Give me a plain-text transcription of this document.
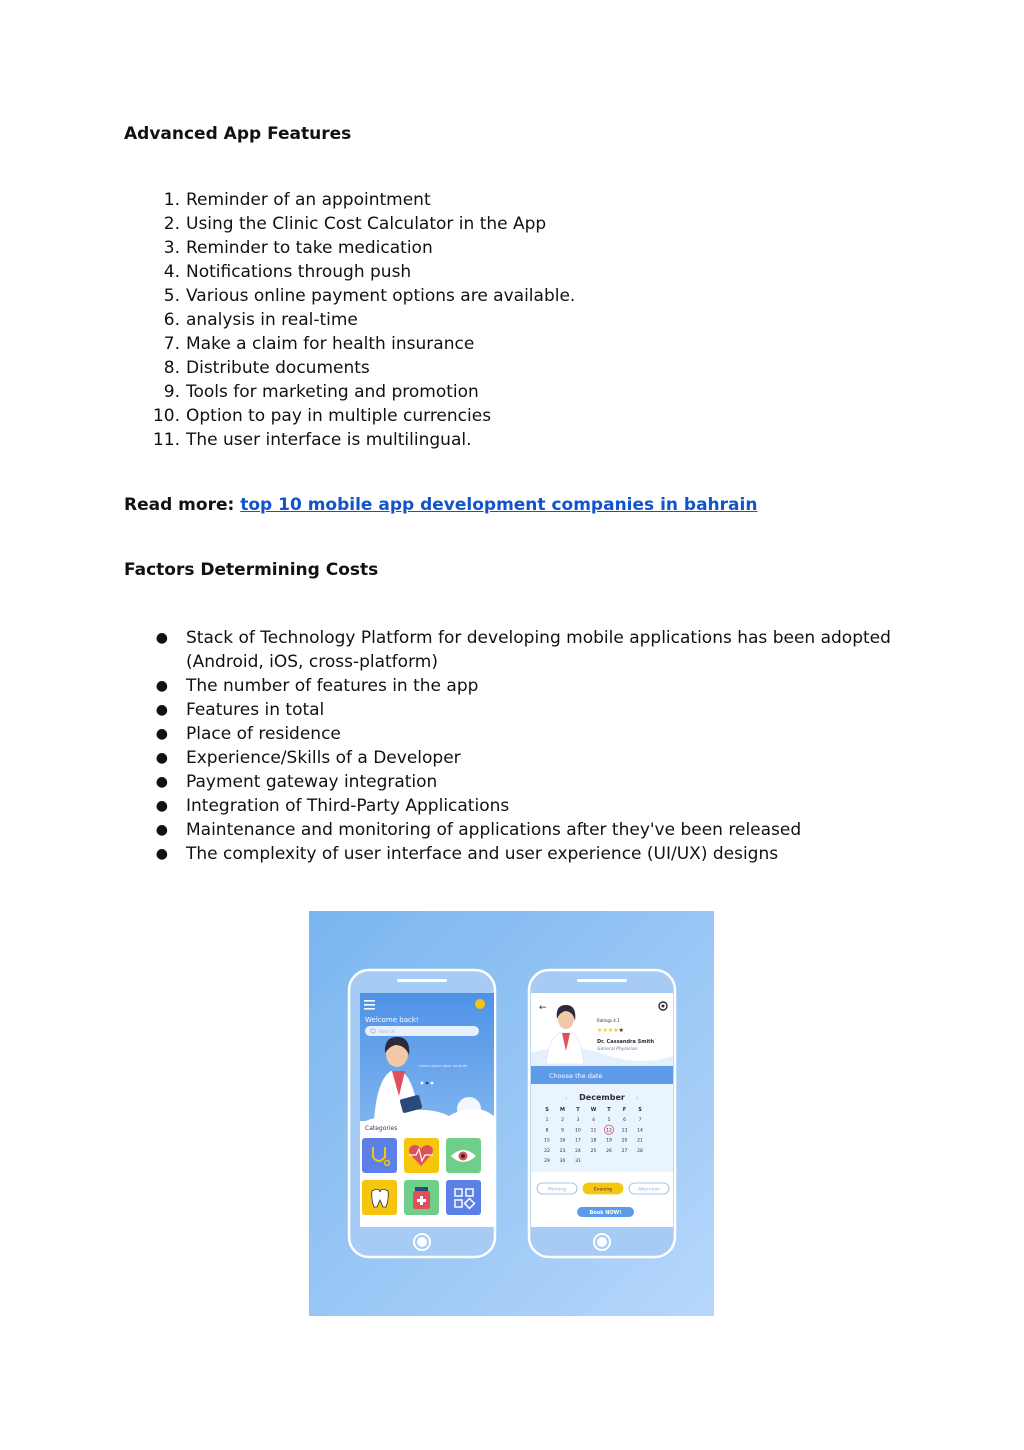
Advanced App Features
1. Reminder of an appointment
2. Using the Clinic Cost Calculator in the App
3. Reminder to take medication
4. Notifications through push
5. Various online payment options are available.
6. analysis in real-time
7. Make a claim for health insurance
8. Distribute documents
9. Tools for marketing and promotion
10. Option to pay in multiple currencies
11. The user interface is multilingual.
Read more: top 10 mobile app development companies in bahrain
Factors Determining Costs
● Stack of Technology Platform for developing mobile applications has been adopted (Android, iOS, cross-platform)
● The number of features in the app
● Features in total
● Place of residence
● Experience/Skills of a Developer
● Payment gateway integration
● Integration of Third-Party Applications
● Maintenance and monitoring of applications after they've been released
● The complexity of user interface and user experience (UI/UX) designs
Welcome back!
Search
Lorem ipsum dolor sit amet
Categories
←
Ratings 4.1
★★★★★
Dr. Cassandra Smith
General Physician
Choose the date
‹ December ›
S M T W T F S
1	2	3	4	5	6	7
8	9 10 11 12 13 14
15 16 17 18 19 20 21
22 23 24 25 26 27 28
29 30 31
Morning	Evening	Afternoon
Book NOW!
